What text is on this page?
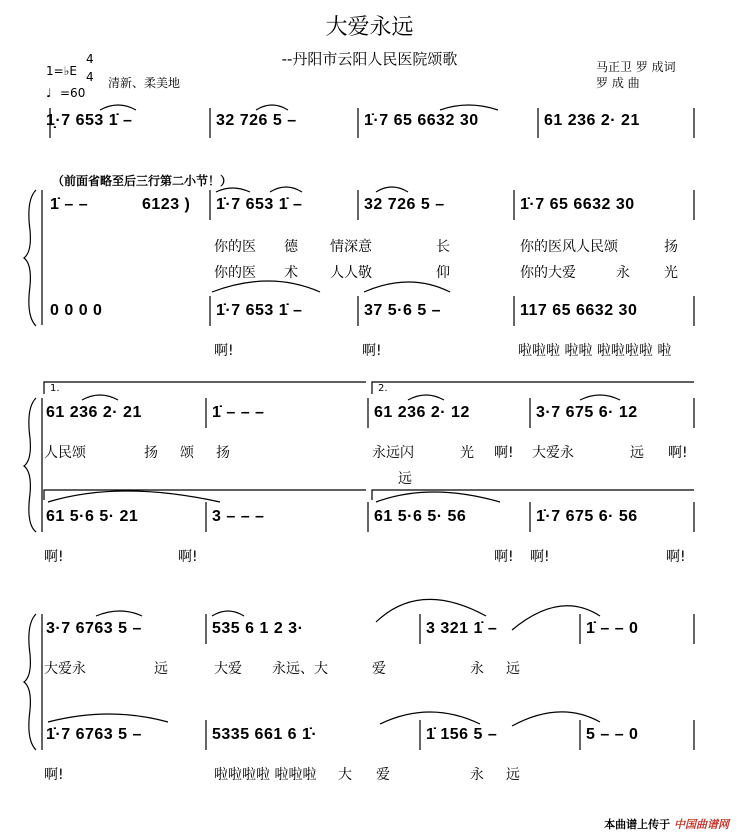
大爱永远
--丹阳市云阳人民医院颂歌	马正卫 罗 成词
罗 成 曲
1=♭E
4
4 清新、柔美地
♩ =60
1̣·7 653 1̇ –	32 726 5 –	1̇·7 65 6632 30	61 236 2· 21
（前面省略至后三行第二小节！）
1̇ – –	6123 ) 1̇·7 653 1̇ –	32 726 5 –	1̇·7 65 6632 30
你的医 德 情深意	长	你的医风人民颂	扬
你的医 术 人人敬	仰	你的大爱	永 光
0 0 0 0	1̇·7 653 1̇ –	37 5·6 5 –	117 65 6632 30
啊!	啊!	啦啦啦 啦啦 啦啦啦啦 啦
1.	2.
61 236 2· 21	1̇ – – –	61 236 2· 12	3·7 675 6· 12
人民颂	扬 颂 扬	永远闪	光 啊! 大爱永	远 啊!
远
61 5·6 5· 21	3 – – –	61 5·6 5· 56	1̇·7 675 6· 56
啊!	啊!	啊! 啊!	啊!
3·7 6763 5 –	535 6 1 2 3·	3 321 1̇ –	1̇ – – 0
大爱永	远	大爱 永远、大	爱	永 远
1̇·7 6763 5 –	5335 661 6 1̇·	1̇ 156 5 –	5 – – 0
啊!	啦啦啦啦 啦啦啦 大 爱	永 远
本曲谱上传于 中国曲谱网
